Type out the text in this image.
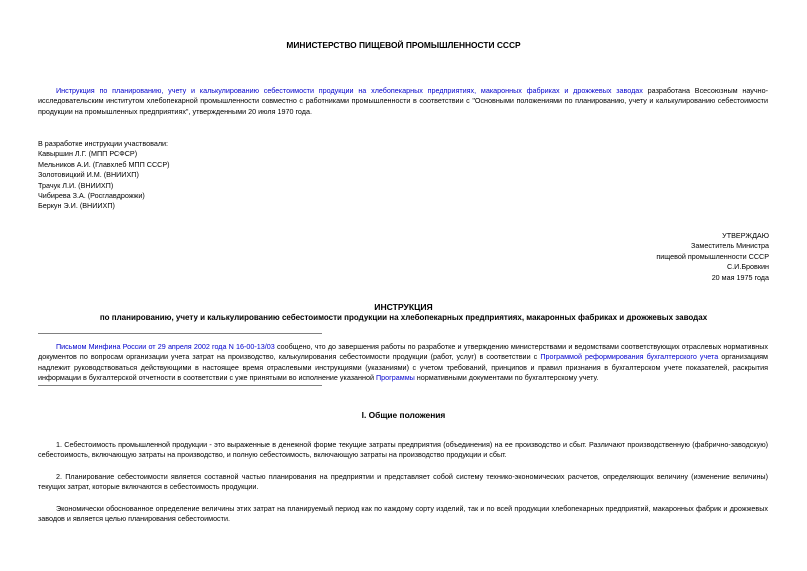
МИНИСТЕРСТВО ПИЩЕВОЙ ПРОМЫШЛЕННОСТИ СССР
Инструкция по планированию, учету и калькулированию себестоимости продукции на хлебопекарных предприятиях, макаронных фабриках и дрожжевых заводах разработана Всесоюзным научно-исследовательским институтом хлебопекарной промышленности совместно с работниками промышленности в соответствии с "Основными положениями по планированию, учету и калькулированию себестоимости продукции на промышленных предприятиях", утвержденными 20 июля 1970 года.
В разработке инструкции участвовали:
Кавыршин Л.Г. (МПП РСФСР)
Мельников А.И. (Главхлеб МПП СССР)
Золотовицкий И.М. (ВНИИХП)
Трачук Л.И. (ВНИИХП)
Чибирева З.А. (Росглавдрожжи)
Беркун Э.И. (ВНИИХП)
УТВЕРЖДАЮ
Заместитель Министра
пищевой промышленности СССР
С.И.Бровкин
20 мая 1975 года
ИНСТРУКЦИЯ
по планированию, учету и калькулированию себестоимости продукции на хлебопекарных предприятиях, макаронных фабриках и дрожжевых заводах
Письмом Минфина России от 29 апреля 2002 года N 16-00-13/03 сообщено, что до завершения работы по разработке и утверждению министерствами и ведомствами соответствующих отраслевых нормативных документов по вопросам организации учета затрат на производство, калькулирования себестоимости продукции (работ, услуг) в соответствии с Программой реформирования бухгалтерского учета организациям надлежит руководствоваться действующими в настоящее время отраслевыми инструкциями (указаниями) с учетом требований, принципов и правил признания в бухгалтерском учете показателей, раскрытия информации в бухгалтерской отчетности в соответствии с уже принятыми во исполнение указанной Программы нормативными документами по бухгалтерскому учету.
I. Общие положения
1. Себестоимость промышленной продукции - это выраженные в денежной форме текущие затраты предприятия (объединения) на ее производство и сбыт. Различают производственную (фабрично-заводскую) себестоимость, включающую затраты на производство, и полную себестоимость, включающую затраты на производство продукции и сбыт.
2. Планирование себестоимости является составной частью планирования на предприятии и представляет собой систему технико-экономических расчетов, определяющих величину (изменение величины) текущих затрат, которые включаются в себестоимость продукции.
Экономически обоснованное определение величины этих затрат на планируемый период как по каждому сорту изделий, так и по всей продукции хлебопекарных предприятий, макаронных фабрик и дрожжевых заводов и является целью планирования себестоимости.
